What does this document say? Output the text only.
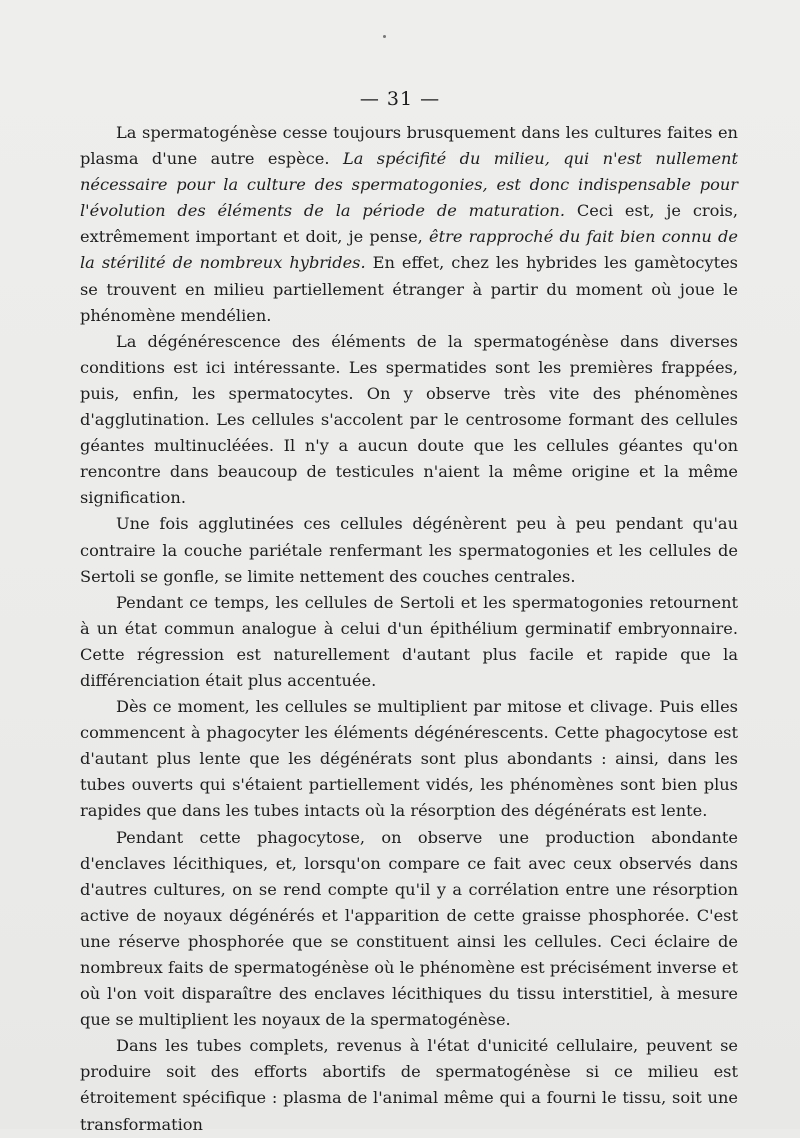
— 31 —

La spermatogénèse cesse toujours brusquement dans les cultures faites en plasma d'une autre espèce. La spécifité du milieu, qui n'est nullement nécessaire pour la culture des spermatogonies, est donc indispensable pour l'évolution des éléments de la période de maturation. Ceci est, je crois, extrêmement important et doit, je pense, être rapproché du fait bien connu de la stérilité de nombreux hybrides. En effet, chez les hybrides les gamètocytes se trouvent en milieu partiellement étranger à partir du moment où joue le phénomène mendélien.

La dégénérescence des éléments de la spermatogénèse dans diverses conditions est ici intéressante. Les spermatides sont les premières frappées, puis, enfin, les spermatocytes. On y observe très vite des phénomènes d'agglutination. Les cellules s'accolent par le centrosome formant des cellules géantes multinucléées. Il n'y a aucun doute que les cellules géantes qu'on rencontre dans beaucoup de testicules n'aient la même origine et la même signification.

Une fois agglutinées ces cellules dégénèrent peu à peu pendant qu'au contraire la couche pariétale renfermant les spermatogonies et les cellules de Sertoli se gonfle, se limite nettement des couches centrales.

Pendant ce temps, les cellules de Sertoli et les spermatogonies retournent à un état commun analogue à celui d'un épithélium germinatif embryonnaire. Cette régression est naturellement d'autant plus facile et rapide que la différenciation était plus accentuée.

Dès ce moment, les cellules se multiplient par mitose et clivage. Puis elles commencent à phagocyter les éléments dégénérescents. Cette phagocytose est d'autant plus lente que les dégénérats sont plus abondants : ainsi, dans les tubes ouverts qui s'étaient partiellement vidés, les phénomènes sont bien plus rapides que dans les tubes intacts où la résorption des dégénérats est lente.

Pendant cette phagocytose, on observe une production abondante d'enclaves lécithiques, et, lorsqu'on compare ce fait avec ceux observés dans d'autres cultures, on se rend compte qu'il y a corrélation entre une résorption active de noyaux dégénérés et l'apparition de cette graisse phosphorée. C'est une réserve phosphorée que se constituent ainsi les cellules. Ceci éclaire de nombreux faits de spermatogénèse où le phénomène est précisément inverse et où l'on voit disparaître des enclaves lécithiques du tissu interstitiel, à mesure que se multiplient les noyaux de la spermatogénèse.

Dans les tubes complets, revenus à l'état d'unicité cellulaire, peuvent se produire soit des efforts abortifs de spermatogénèse si ce milieu est étroitement spécifique : plasma de l'animal même qui a fourni le tissu, soit une transformation
